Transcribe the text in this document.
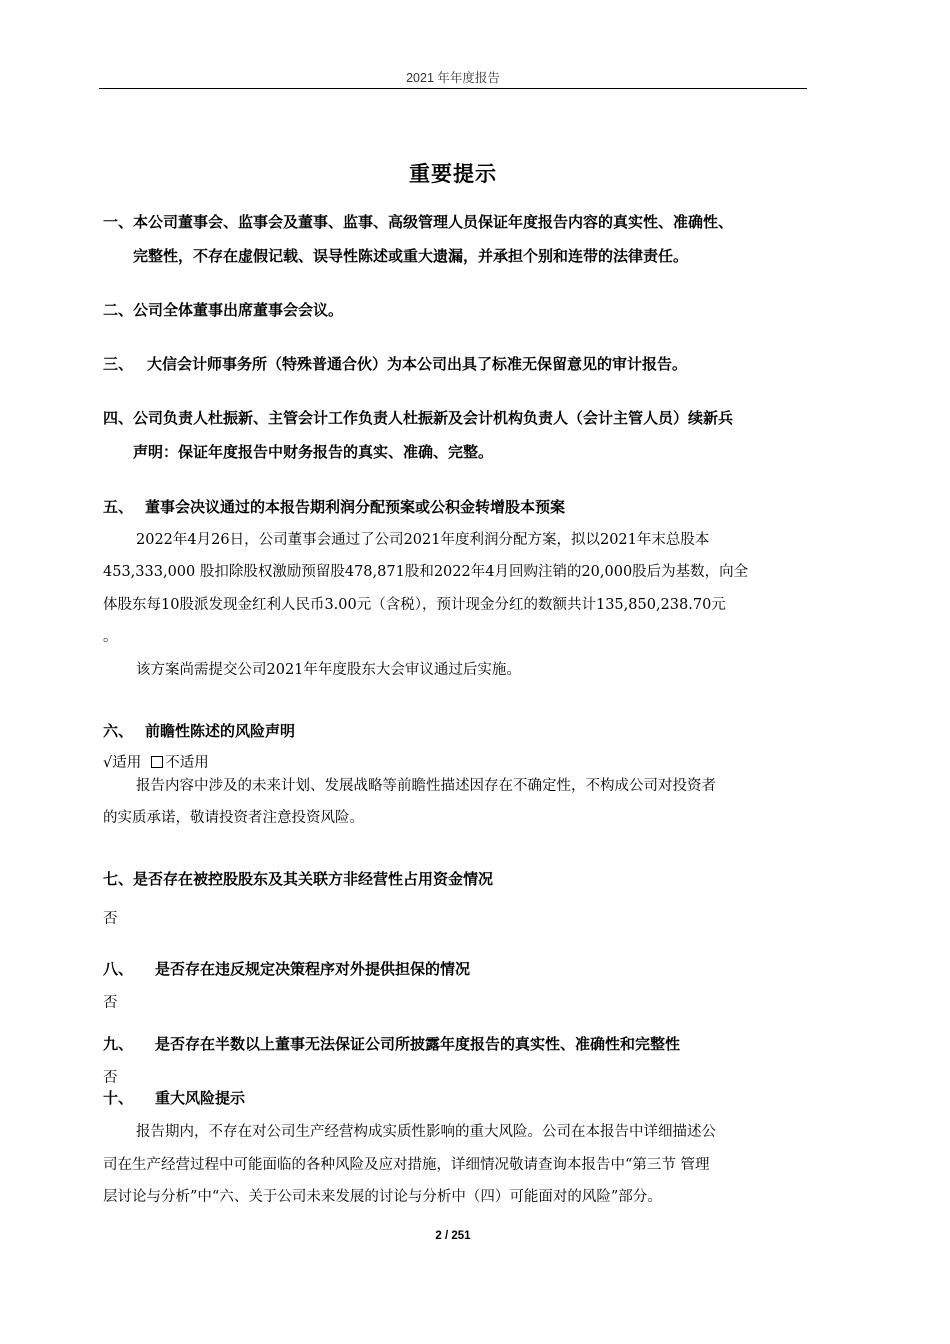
2021 年年度报告
重要提示
一、本公司董事会、监事会及董事、监事、高级管理人员保证年度报告内容的真实性、准确性、
完整性，不存在虚假记载、误导性陈述或重大遗漏，并承担个别和连带的法律责任。
二、公司全体董事出席董事会会议。
三、 大信会计师事务所（特殊普通合伙）为本公司出具了标准无保留意见的审计报告。
四、公司负责人杜振新、主管会计工作负责人杜振新及会计机构负责人（会计主管人员）续新兵
声明：保证年度报告中财务报告的真实、准确、完整。
五、 董事会决议通过的本报告期利润分配预案或公积金转增股本预案
2022年4月26日，公司董事会通过了公司2021年度利润分配方案，拟以2021年末总股本
453,333,000 股扣除股权激励预留股478,871股和2022年4月回购注销的20,000股后为基数，向全
体股东每10股派发现金红利人民币3.00元（含税），预计现金分红的数额共计135,850,238.70元
。
该方案尚需提交公司2021年年度股东大会审议通过后实施。
六、 前瞻性陈述的风险声明
√适用 不适用
报告内容中涉及的未来计划、发展战略等前瞻性描述因存在不确定性，不构成公司对投资者
的实质承诺，敬请投资者注意投资风险。
七、是否存在被控股股东及其关联方非经营性占用资金情况
否
八、 是否存在违反规定决策程序对外提供担保的情况
否
九、 是否存在半数以上董事无法保证公司所披露年度报告的真实性、准确性和完整性
否
十、 重大风险提示
报告期内，不存在对公司生产经营构成实质性影响的重大风险。公司在本报告中详细描述公
司在生产经营过程中可能面临的各种风险及应对措施，详细情况敬请查询本报告中“第三节 管理
层讨论与分析”中“六、关于公司未来发展的讨论与分析中（四）可能面对的风险”部分。
2 / 251
